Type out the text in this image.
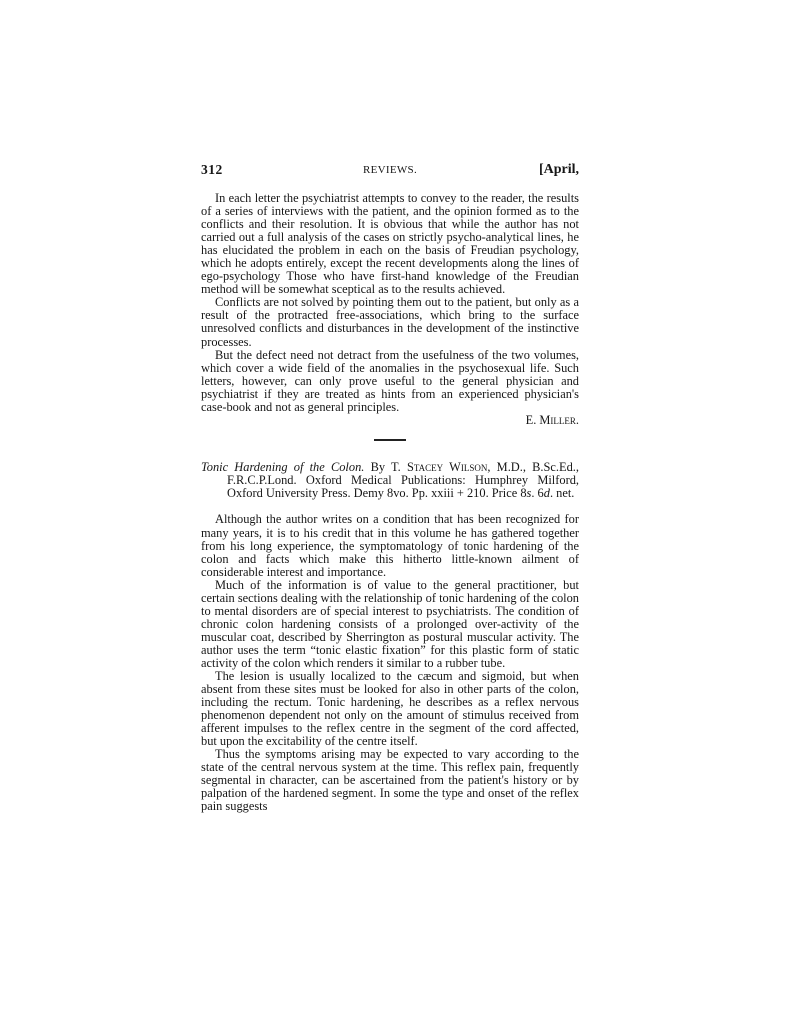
312	REVIEWS.	[April,

In each letter the psychiatrist attempts to convey to the reader, the results of a series of interviews with the patient, and the opinion formed as to the conflicts and their resolution. It is obvious that while the author has not carried out a full analysis of the cases on strictly psycho-analytical lines, he has elucidated the problem in each on the basis of Freudian psychology, which he adopts entirely, except the recent developments along the lines of ego-psychology Those who have first-hand knowledge of the Freudian method will be somewhat sceptical as to the results achieved.

Conflicts are not solved by pointing them out to the patient, but only as a result of the protracted free-associations, which bring to the surface unresolved conflicts and disturbances in the development of the instinctive processes.

But the defect need not detract from the usefulness of the two volumes, which cover a wide field of the anomalies in the psychosexual life. Such letters, however, can only prove useful to the general physician and psychiatrist if they are treated as hints from an experienced physician's case-book and not as general principles.

E. Miller.

Tonic Hardening of the Colon. By T. Stacey Wilson, M.D., B.Sc.Ed., F.R.C.P.Lond. Oxford Medical Publications: Humphrey Milford, Oxford University Press. Demy 8vo. Pp. xxiii + 210. Price 8s. 6d. net.

Although the author writes on a condition that has been recognized for many years, it is to his credit that in this volume he has gathered together from his long experience, the symptomatology of tonic hardening of the colon and facts which make this hitherto little-known ailment of considerable interest and importance.

Much of the information is of value to the general practitioner, but certain sections dealing with the relationship of tonic hardening of the colon to mental disorders are of special interest to psychiatrists. The condition of chronic colon hardening consists of a prolonged over-activity of the muscular coat, described by Sherrington as postural muscular activity. The author uses the term “tonic elastic fixation” for this plastic form of static activity of the colon which renders it similar to a rubber tube.

The lesion is usually localized to the cæcum and sigmoid, but when absent from these sites must be looked for also in other parts of the colon, including the rectum. Tonic hardening, he describes as a reflex nervous phenomenon dependent not only on the amount of stimulus received from afferent impulses to the reflex centre in the segment of the cord affected, but upon the excitability of the centre itself.

Thus the symptoms arising may be expected to vary according to the state of the central nervous system at the time. This reflex pain, frequently segmental in character, can be ascertained from the patient's history or by palpation of the hardened segment. In some the type and onset of the reflex pain suggests
